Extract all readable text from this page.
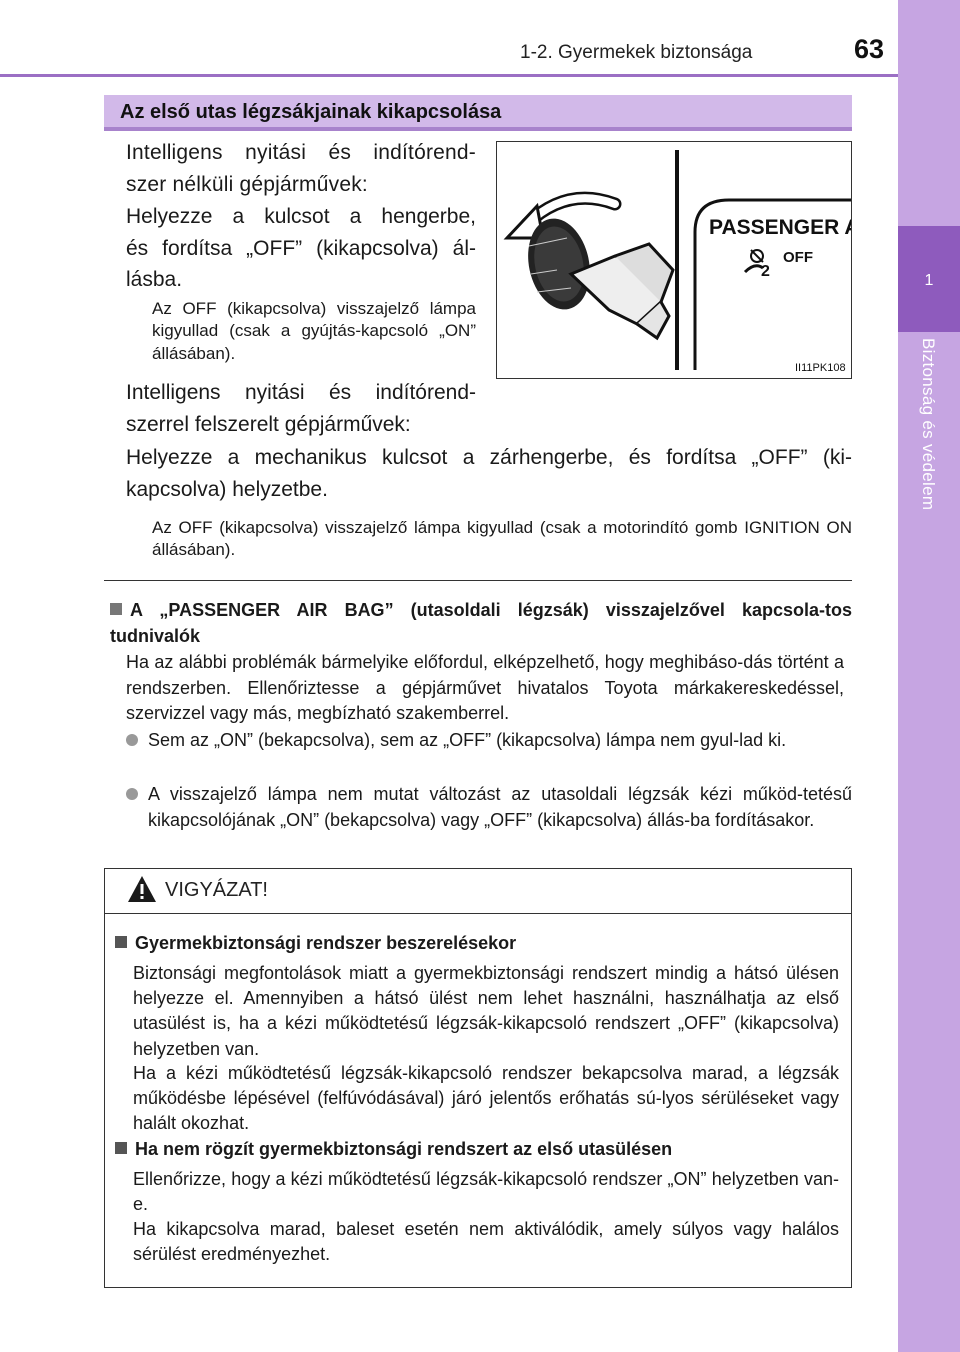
1-2. Gyermekek biztonsága	63
1
Biztonság és védelem
Az első utas légzsákjainak kikapcsolása

Intelligens nyitási és indítórend-
szer nélküli gépjárművek:

Helyezze a kulcsot a hengerbe,
és fordítsa „OFF” (kikapcsolva) ál-
lásba.

Az OFF (kikapcsolva) visszajelző lámpa kigyullad (csak a gyújtás-kapcsoló „ON” állásában).

Intelligens nyitási és indítórend-
szerrel felszerelt gépjárművek:

Helyezze a mechanikus kulcsot a zárhengerbe, és fordítsa „OFF” (ki-kapcsolva) helyzetbe.

Az OFF (kikapcsolva) visszajelző lámpa kigyullad (csak a motorindító gomb IGNITION ON állásában).

PASSENGER A
2
OFF
II11PK108

A „PASSENGER AIR BAG” (utasoldali légzsák) visszajelzővel kapcsola-tos tudnivalók

Ha az alábbi problémák bármelyike előfordul, elképzelhető, hogy meghibáso-dás történt a rendszerben. Ellenőriztesse a gépjárművet hivatalos Toyota márkakereskedéssel, szervizzel vagy más, megbízható szakemberrel.

Sem az „ON” (bekapcsolva), sem az „OFF” (kikapcsolva) lámpa nem gyul-lad ki.

A visszajelző lámpa nem mutat változást az utasoldali légzsák kézi működ-tetésű kikapcsolójának „ON” (bekapcsolva) vagy „OFF” (kikapcsolva) állás-ba fordításakor.

VIGYÁZAT!
Gyermekbiztonsági rendszer beszerelésekor

Biztonsági megfontolások miatt a gyermekbiztonsági rendszert mindig a hátsó ülésen helyezze el. Amennyiben a hátsó ülést nem lehet használni, használhatja az első utasülést is, ha a kézi működtetésű légzsák-kikapcsoló rendszert „OFF” (kikapcsolva) helyzetben van.

Ha a kézi működtetésű légzsák-kikapcsoló rendszer bekapcsolva marad, a légzsák működésbe lépésével (felfúvódásával) járó jelentős erőhatás sú-lyos sérüléseket vagy halált okozhat.

Ha nem rögzít gyermekbiztonsági rendszert az első utasülésen

Ellenőrizze, hogy a kézi működtetésű légzsák-kikapcsoló rendszer „ON” helyzetben van-e.

Ha kikapcsolva marad, baleset esetén nem aktiválódik, amely súlyos vagy halálos sérülést eredményezhet.
